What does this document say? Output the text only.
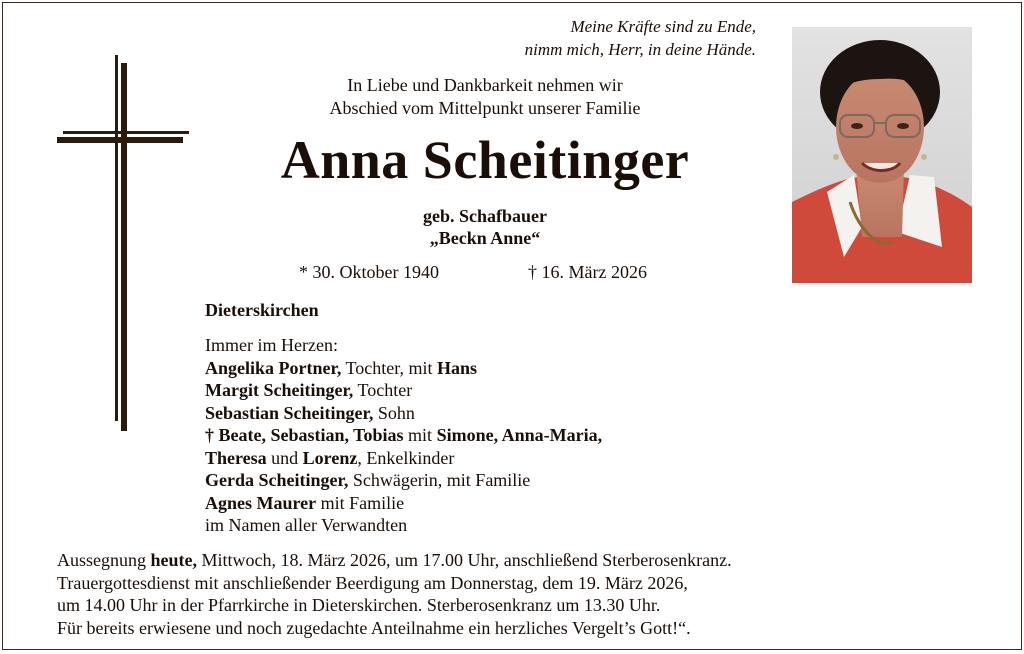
Meine Kräfte sind zu Ende,
nimm mich, Herr, in deine Hände.
In Liebe und Dankbarkeit nehmen wir
Abschied vom Mittelpunkt unserer Familie
Anna Scheitinger
geb. Schafbauer
„Beckn Anne“
* 30. Oktober 1940	† 16. März 2026
Dieterskirchen
Immer im Herzen:
Angelika Portner, Tochter, mit Hans
Margit Scheitinger, Tochter
Sebastian Scheitinger, Sohn
† Beate, Sebastian, Tobias mit Simone, Anna-Maria,
Theresa und Lorenz, Enkelkinder
Gerda Scheitinger, Schwägerin, mit Familie
Agnes Maurer mit Familie
im Namen aller Verwandten
Aussegnung heute, Mittwoch, 18. März 2026, um 17.00 Uhr, anschließend Sterberosenkranz.
Trauergottesdienst mit anschließender Beerdigung am Donnerstag, dem 19. März 2026,
um 14.00 Uhr in der Pfarrkirche in Dieterskirchen. Sterberosenkranz um 13.30 Uhr.
Für bereits erwiesene und noch zugedachte Anteilnahme ein herzliches Vergelt’s Gott!“.
